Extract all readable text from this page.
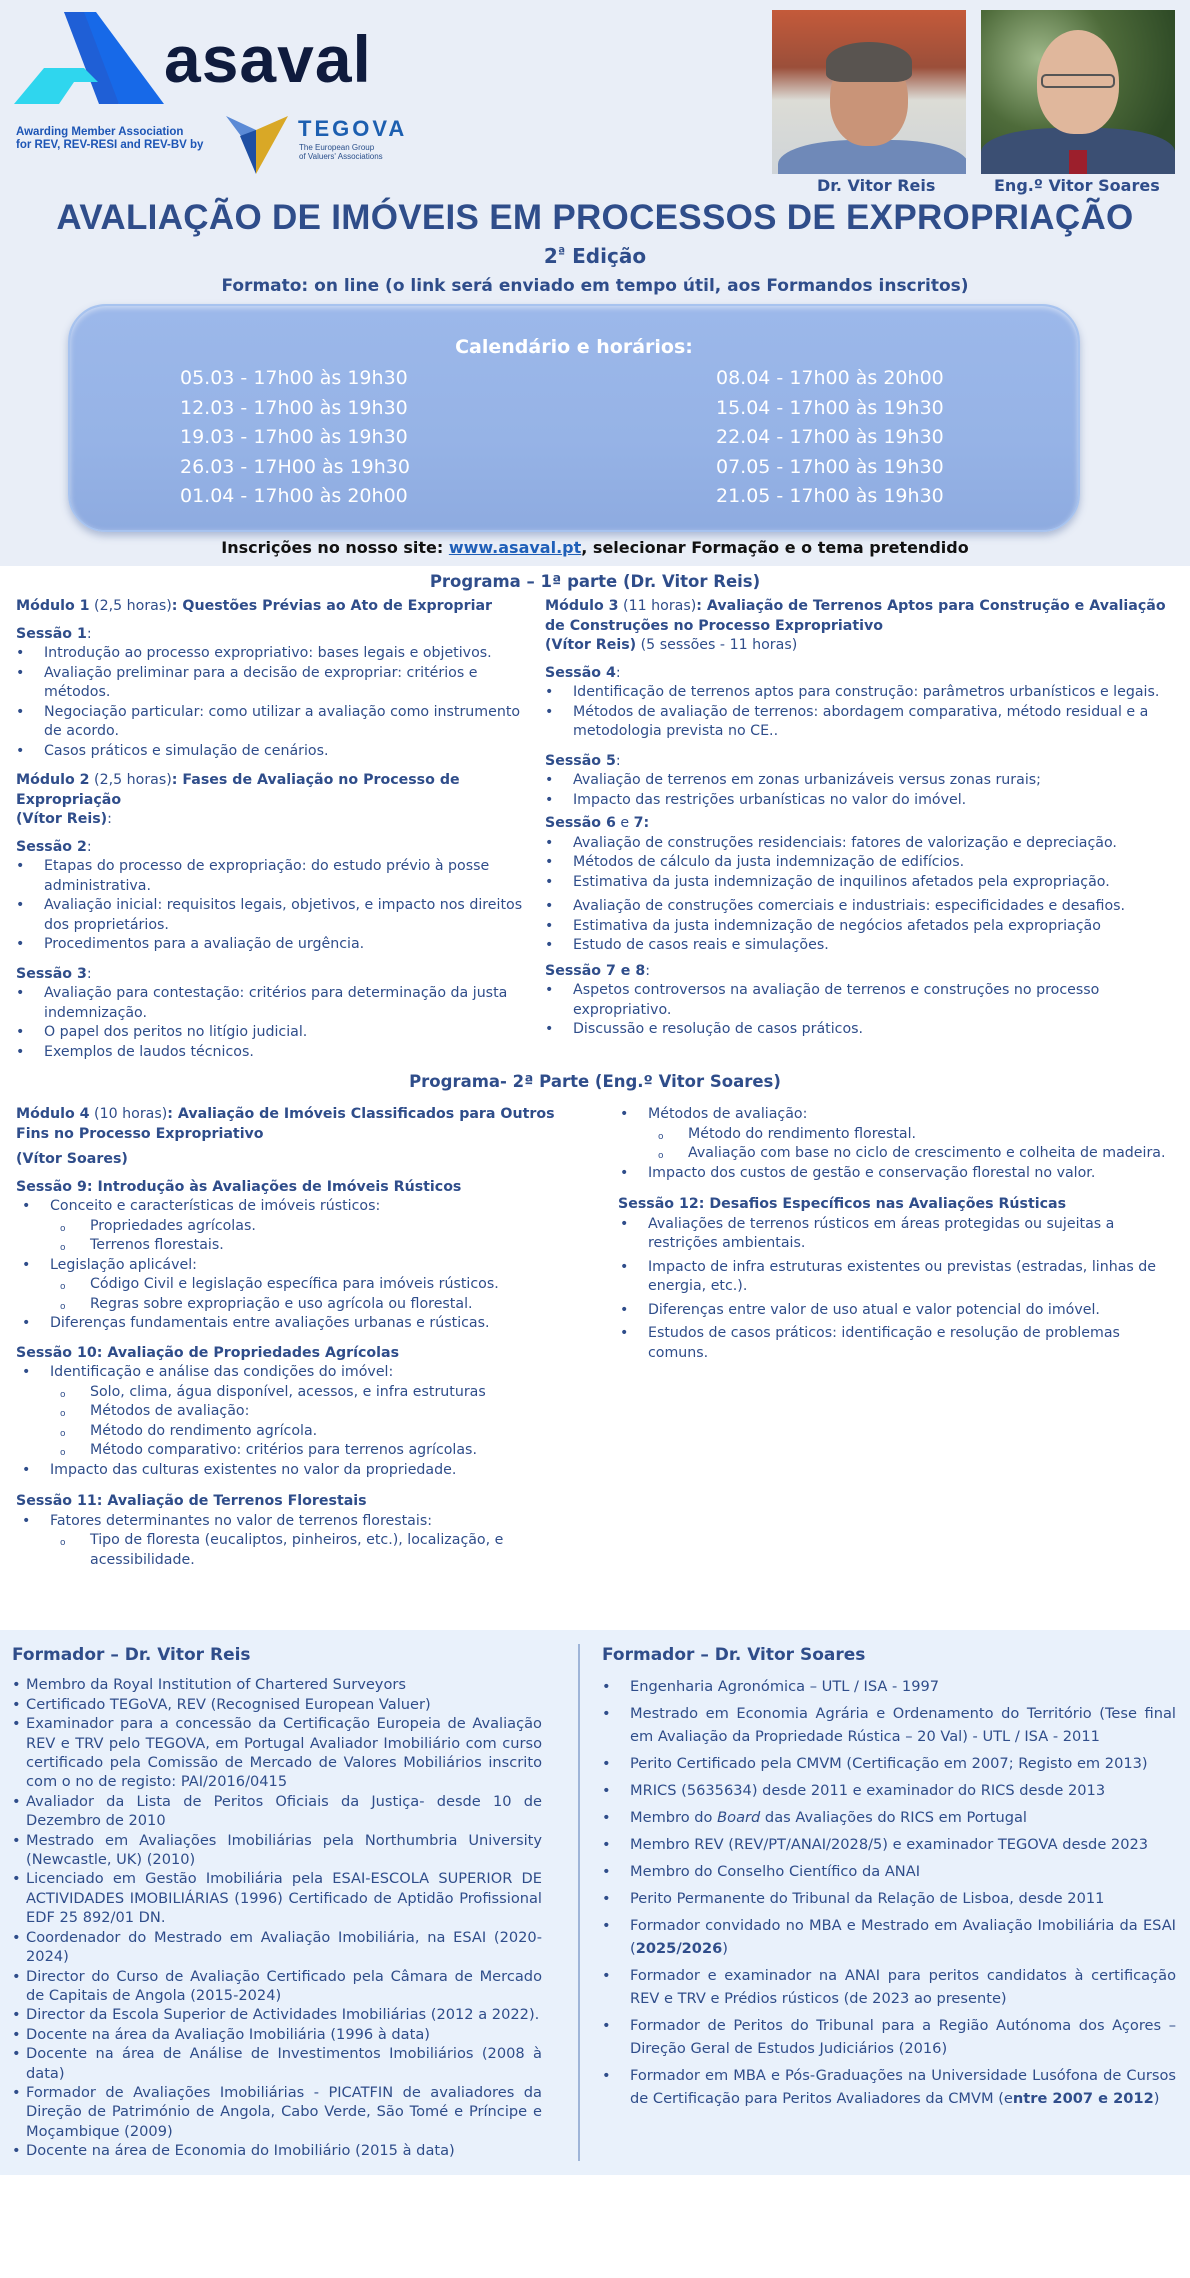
asaval
Awarding Member Association
for REV, REV-RESI and REV-BV by
TEGOVA
The European Group
of Valuers' Associations
Dr. Vitor Reis	Eng.º Vitor Soares
AVALIAÇÃO DE IMÓVEIS EM PROCESSOS DE EXPROPRIAÇÃO
$2^ª$ Edição
Formato: on line (o link será enviado em tempo útil, aos Formandos inscritos)
Calendário e horários:
05.03 - 17h00 às 19h30
12.03 - 17h00 às 19h30
19.03 - 17h00 às 19h30
26.03 - 17H00 às 19h30
01.04 - 17h00 às 20h00
08.04 - 17h00 às 20h00
15.04 - 17h00 às 19h30
22.04 - 17h00 às 19h30
07.05 - 17h00 às 19h30
21.05 - 17h00 às 19h30
Inscrições no nosso site: www.asaval.pt, selecionar Formação e o tema pretendido
Programa – 1ª parte (Dr. Vitor Reis)
Módulo 1 (2,5 horas): Questões Prévias ao Ato de Expropriar
Sessão 1:
• Introdução ao processo expropriativo: bases legais e objetivos.
• Avaliação preliminar para a decisão de expropriar: critérios e métodos.
• Negociação particular: como utilizar a avaliação como instrumento de acordo.
• Casos práticos e simulação de cenários.
Módulo 2 (2,5 horas): Fases de Avaliação no Processo de Expropriação
(Vítor Reis):
Sessão 2:
• Etapas do processo de expropriação: do estudo prévio à posse administrativa.
• Avaliação inicial: requisitos legais, objetivos, e impacto nos direitos dos proprietários.
• Procedimentos para a avaliação de urgência.
Sessão 3:
• Avaliação para contestação: critérios para determinação da justa indemnização.
• O papel dos peritos no litígio judicial.
• Exemplos de laudos técnicos.
Módulo 3 (11 horas): Avaliação de Terrenos Aptos para Construção e Avaliação de Construções no Processo Expropriativo
(Vítor Reis) (5 sessões - 11 horas)
Sessão 4:
• Identificação de terrenos aptos para construção: parâmetros urbanísticos e legais.
• Métodos de avaliação de terrenos: abordagem comparativa, método residual e a metodologia prevista no CE..
Sessão 5:
• Avaliação de terrenos em zonas urbanizáveis versus zonas rurais;
• Impacto das restrições urbanísticas no valor do imóvel.
Sessão 6 e 7:
• Avaliação de construções residenciais: fatores de valorização e depreciação.
• Métodos de cálculo da justa indemnização de edifícios.
• Estimativa da justa indemnização de inquilinos afetados pela expropriação.
• Avaliação de construções comerciais e industriais: especificidades e desafios.
• Estimativa da justa indemnização de negócios afetados pela expropriação
• Estudo de casos reais e simulações.
Sessão 7 e 8:
• Aspetos controversos na avaliação de terrenos e construções no processo expropriativo.
• Discussão e resolução de casos práticos.
Programa- 2ª Parte (Eng.º Vitor Soares)
Módulo 4 (10 horas): Avaliação de Imóveis Classificados para Outros Fins no Processo Expropriativo
(Vítor Soares)
Sessão 9: Introdução às Avaliações de Imóveis Rústicos
• Conceito e características de imóveis rústicos:
o Propriedades agrícolas.
o Terrenos florestais.
• Legislação aplicável:
o Código Civil e legislação específica para imóveis rústicos.
o Regras sobre expropriação e uso agrícola ou florestal.
• Diferenças fundamentais entre avaliações urbanas e rústicas.
Sessão 10: Avaliação de Propriedades Agrícolas
• Identificação e análise das condições do imóvel:
o Solo, clima, água disponível, acessos, e infra estruturas
o Métodos de avaliação:
o Método do rendimento agrícola.
o Método comparativo: critérios para terrenos agrícolas.
• Impacto das culturas existentes no valor da propriedade.
Sessão 11: Avaliação de Terrenos Florestais
• Fatores determinantes no valor de terrenos florestais:
o Tipo de floresta (eucaliptos, pinheiros, etc.), localização, e acessibilidade.
• Métodos de avaliação:
o Método do rendimento florestal.
o Avaliação com base no ciclo de crescimento e colheita de madeira.
• Impacto dos custos de gestão e conservação florestal no valor.
Sessão 12: Desafios Específicos nas Avaliações Rústicas
• Avaliações de terrenos rústicos em áreas protegidas ou sujeitas a restrições ambientais.
• Impacto de infra estruturas existentes ou previstas (estradas, linhas de energia, etc.).
• Diferenças entre valor de uso atual e valor potencial do imóvel.
• Estudos de casos práticos: identificação e resolução de problemas comuns.
Formador – Dr. Vitor Reis
• Membro da Royal Institution of Chartered Surveyors
• Certificado TEGoVA, REV (Recognised European Valuer)
• Examinador para a concessão da Certificação Europeia de Avaliação REV e TRV pelo TEGOVA, em Portugal Avaliador Imobiliário com curso certificado pela Comissão de Mercado de Valores Mobiliários inscrito com o no de registo: PAI/2016/0415
• Avaliador da Lista de Peritos Oficiais da Justiça- desde 10 de Dezembro de 2010
• Mestrado em Avaliações Imobiliárias pela Northumbria University (Newcastle, UK) (2010)
• Licenciado em Gestão Imobiliária pela ESAI-ESCOLA SUPERIOR DE ACTIVIDADES IMOBILIÁRIAS (1996) Certificado de Aptidão Profissional EDF 25 892/01 DN.
• Coordenador do Mestrado em Avaliação Imobiliária, na ESAI (2020-2024)
• Director do Curso de Avaliação Certificado pela Câmara de Mercado de Capitais de Angola (2015-2024)
• Director da Escola Superior de Actividades Imobiliárias (2012 a 2022).
• Docente na área da Avaliação Imobiliária (1996 à data)
• Docente na área de Análise de Investimentos Imobiliários (2008 à data)
• Formador de Avaliações Imobiliárias - PICATFIN de avaliadores da Direção de Património de Angola, Cabo Verde, São Tomé e Príncipe e Moçambique (2009)
• Docente na área de Economia do Imobiliário (2015 à data)
Formador – Dr. Vitor Soares
• Engenharia Agronómica – UTL / ISA - 1997
• Mestrado em Economia Agrária e Ordenamento do Território (Tese final em Avaliação da Propriedade Rústica – 20 Val) - UTL / ISA - 2011
• Perito Certificado pela CMVM (Certificação em 2007; Registo em 2013)
• MRICS (5635634) desde 2011 e examinador do RICS desde 2013
• Membro do Board das Avaliações do RICS em Portugal
• Membro REV (REV/PT/ANAI/2028/5) e examinador TEGOVA desde 2023
• Membro do Conselho Científico da ANAI
• Perito Permanente do Tribunal da Relação de Lisboa, desde 2011
• Formador convidado no MBA e Mestrado em Avaliação Imobiliária da ESAI (2025/2026)
• Formador e examinador na ANAI para peritos candidatos à certificação REV e TRV e Prédios rústicos (de 2023 ao presente)
• Formador de Peritos do Tribunal para a Região Autónoma dos Açores – Direção Geral de Estudos Judiciários (2016)
• Formador em MBA e Pós-Graduações na Universidade Lusófona de Cursos de Certificação para Peritos Avaliadores da CMVM (entre 2007 e 2012)
